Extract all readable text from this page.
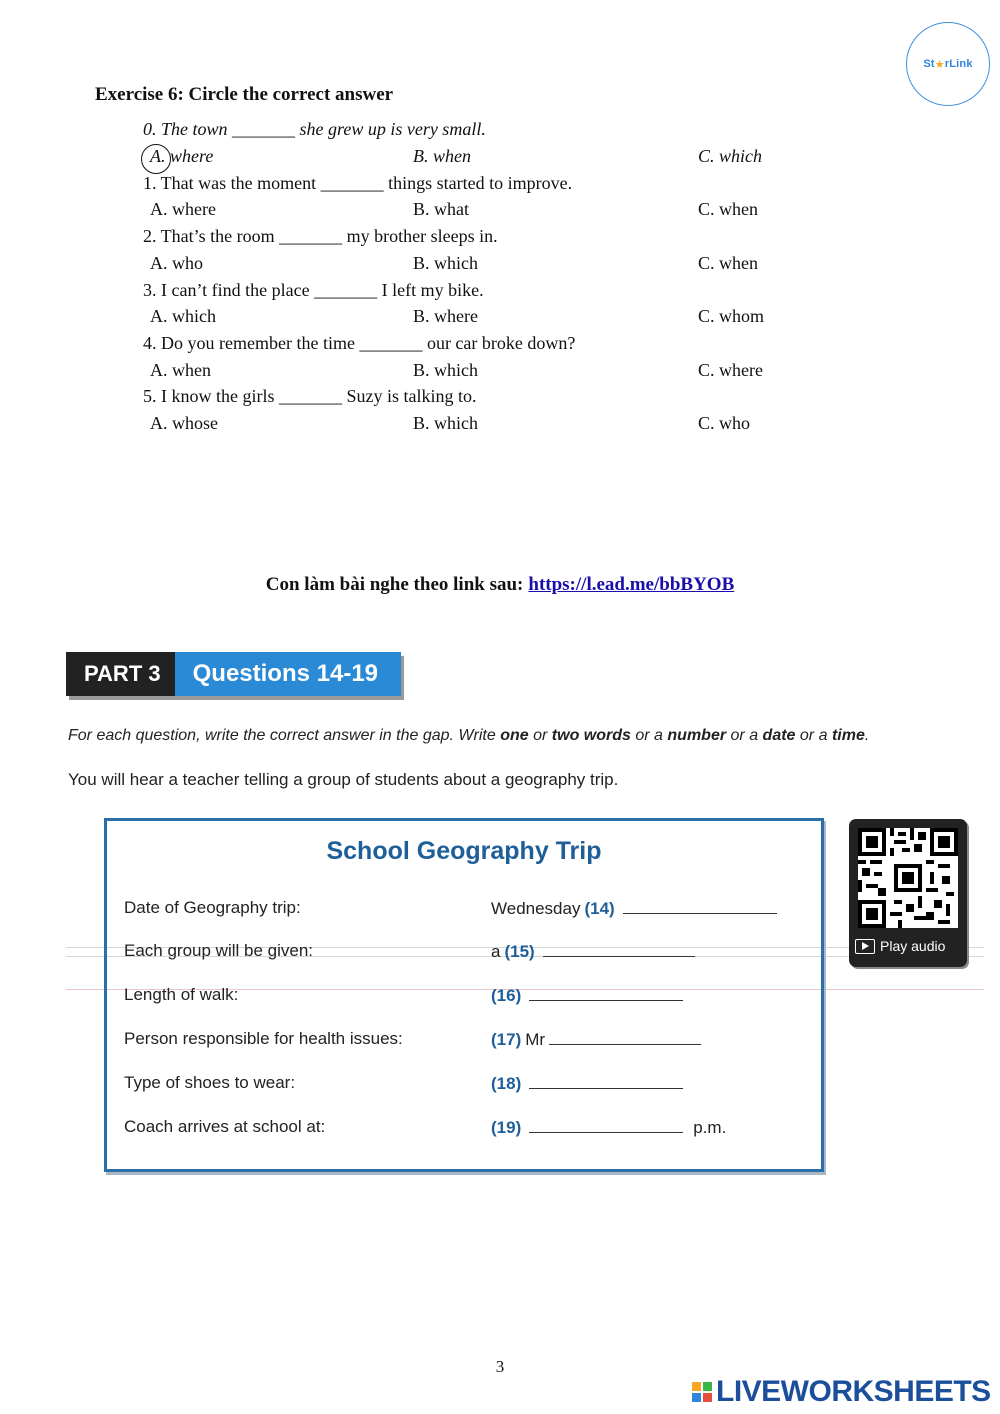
St ★ rLink
Exercise 6: Circle the correct answer
0. The town _______ she grew up is very small.
A. where	B. when	C. which
1. That was the moment _______ things started to improve.
A. where	B. what	C. when
2. That’s the room _______ my brother sleeps in.
A. who	B. which	C. when
3. I can’t find the place _______ I left my bike.
A. which	B. where	C. whom
4. Do you remember the time _______ our car broke down?
A. when	B. which	C. where
5. I know the girls _______ Suzy is talking to.
A. whose	B. which	C. who
Con làm bài nghe theo link sau: https://l.ead.me/bbBYOB
PART 3	Questions 14-19
For each question, write the correct answer in the gap. Write one or two words or a number or a date or a time.
You will hear a teacher telling a group of students about a geography trip.
School Geography Trip
Date of Geography trip:	Wednesday (14)
Each group will be given:	a (15)
Length of walk:	(16)
Person responsible for health issues:	(17) Mr
Type of shoes to wear:	(18)
Coach arrives at school at:	(19)	p.m.
Play audio
3
LIVEWORKSHEETS
